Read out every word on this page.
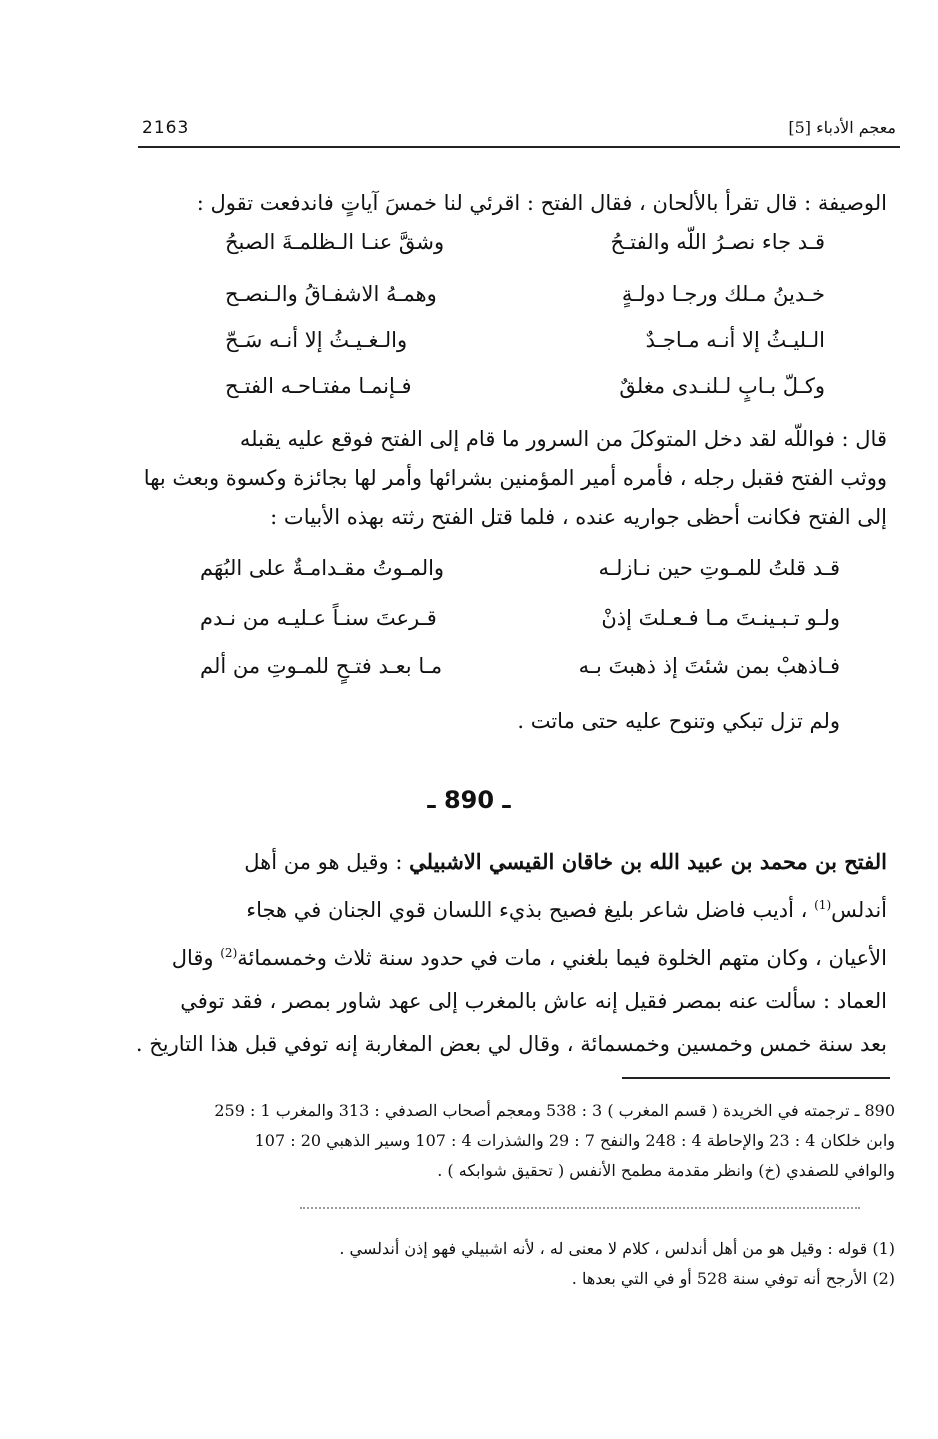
2163	معجم الأدباء [5]
الوصيفة : قال تقرأ بالألحان ، فقال الفتح : اقرئي لنا خمسَ آياتٍ فاندفعت تقول :
قـد جاء نصـرُ اللّه والفتـحُ
وشقَّ عنـا الـظلمـةَ الصبحُ
خـدينُ مـلك ورجـا دولـةٍ
وهمـهُ الاشفـاقُ والـنصـح
الـليـثُ إلا أنـه مـاجـدٌ
والـغـيـثُ إلا أنـه سَـحّ
وكـلّ بـابٍ لـلنـدى مغلقٌ
فـإنمـا مفتـاحـه الفتـح
قال : فواللّه لقد دخل المتوكلَ من السرور ما قام إلى الفتح فوقع عليه يقبله
ووثب الفتح فقبل رجله ، فأمره أمير المؤمنين بشرائها وأمر لها بجائزة وكسوة وبعث بها
إلى الفتح فكانت أحظى جواريه عنده ، فلما قتل الفتح رثته بهذه الأبيات :
قـد قلتُ للمـوتِ حين نـازلـه
والمـوتُ مقـدامـةٌ على البُهَم
ولـو تـبـينـتَ مـا فـعـلتَ إذنْ
قـرعتَ سنـاً عـليـه من نـدم
فـاذهبْ بمن شئتَ إذ ذهبتَ بـه
مـا بعـد فتـحٍ للمـوتِ من ألم
ولم تزل تبكي وتنوح عليه حتى ماتت .
ـ 890 ـ
الفتح بن محمد بن عبيد الله بن خاقان القيسي الاشبيلي : وقيل هو من أهل
أندلس$^{(1)}$ ، أديب فاضل شاعر بليغ فصيح بذيء اللسان قوي الجنان في هجاء
الأعيان ، وكان متهم الخلوة فيما بلغني ، مات في حدود سنة ثلاث وخمسمائة$^{(2)}$ وقال
العماد : سألت عنه بمصر فقيل إنه عاش بالمغرب إلى عهد شاور بمصر ، فقد توفي
بعد سنة خمس وخمسين وخمسمائة ، وقال لي بعض المغاربة إنه توفي قبل هذا التاريخ .
890 ـ ترجمته في الخريدة ( قسم المغرب ) 3 : 538 ومعجم أصحاب الصدفي : 313 والمغرب 1 : 259
وابن خلكان 4 : 23 والإحاطة 4 : 248 والنفح 7 : 29 والشذرات 4 : 107 وسير الذهبي 20 : 107
والوافي للصفدي (خ) وانظر مقدمة مطمح الأنفس ( تحقيق شوابكه ) .
(1) قوله : وقيل هو من أهل أندلس ، كلام لا معنى له ، لأنه اشبيلي فهو إذن أندلسي .
(2) الأرجح أنه توفي سنة 528 أو في التي بعدها .
